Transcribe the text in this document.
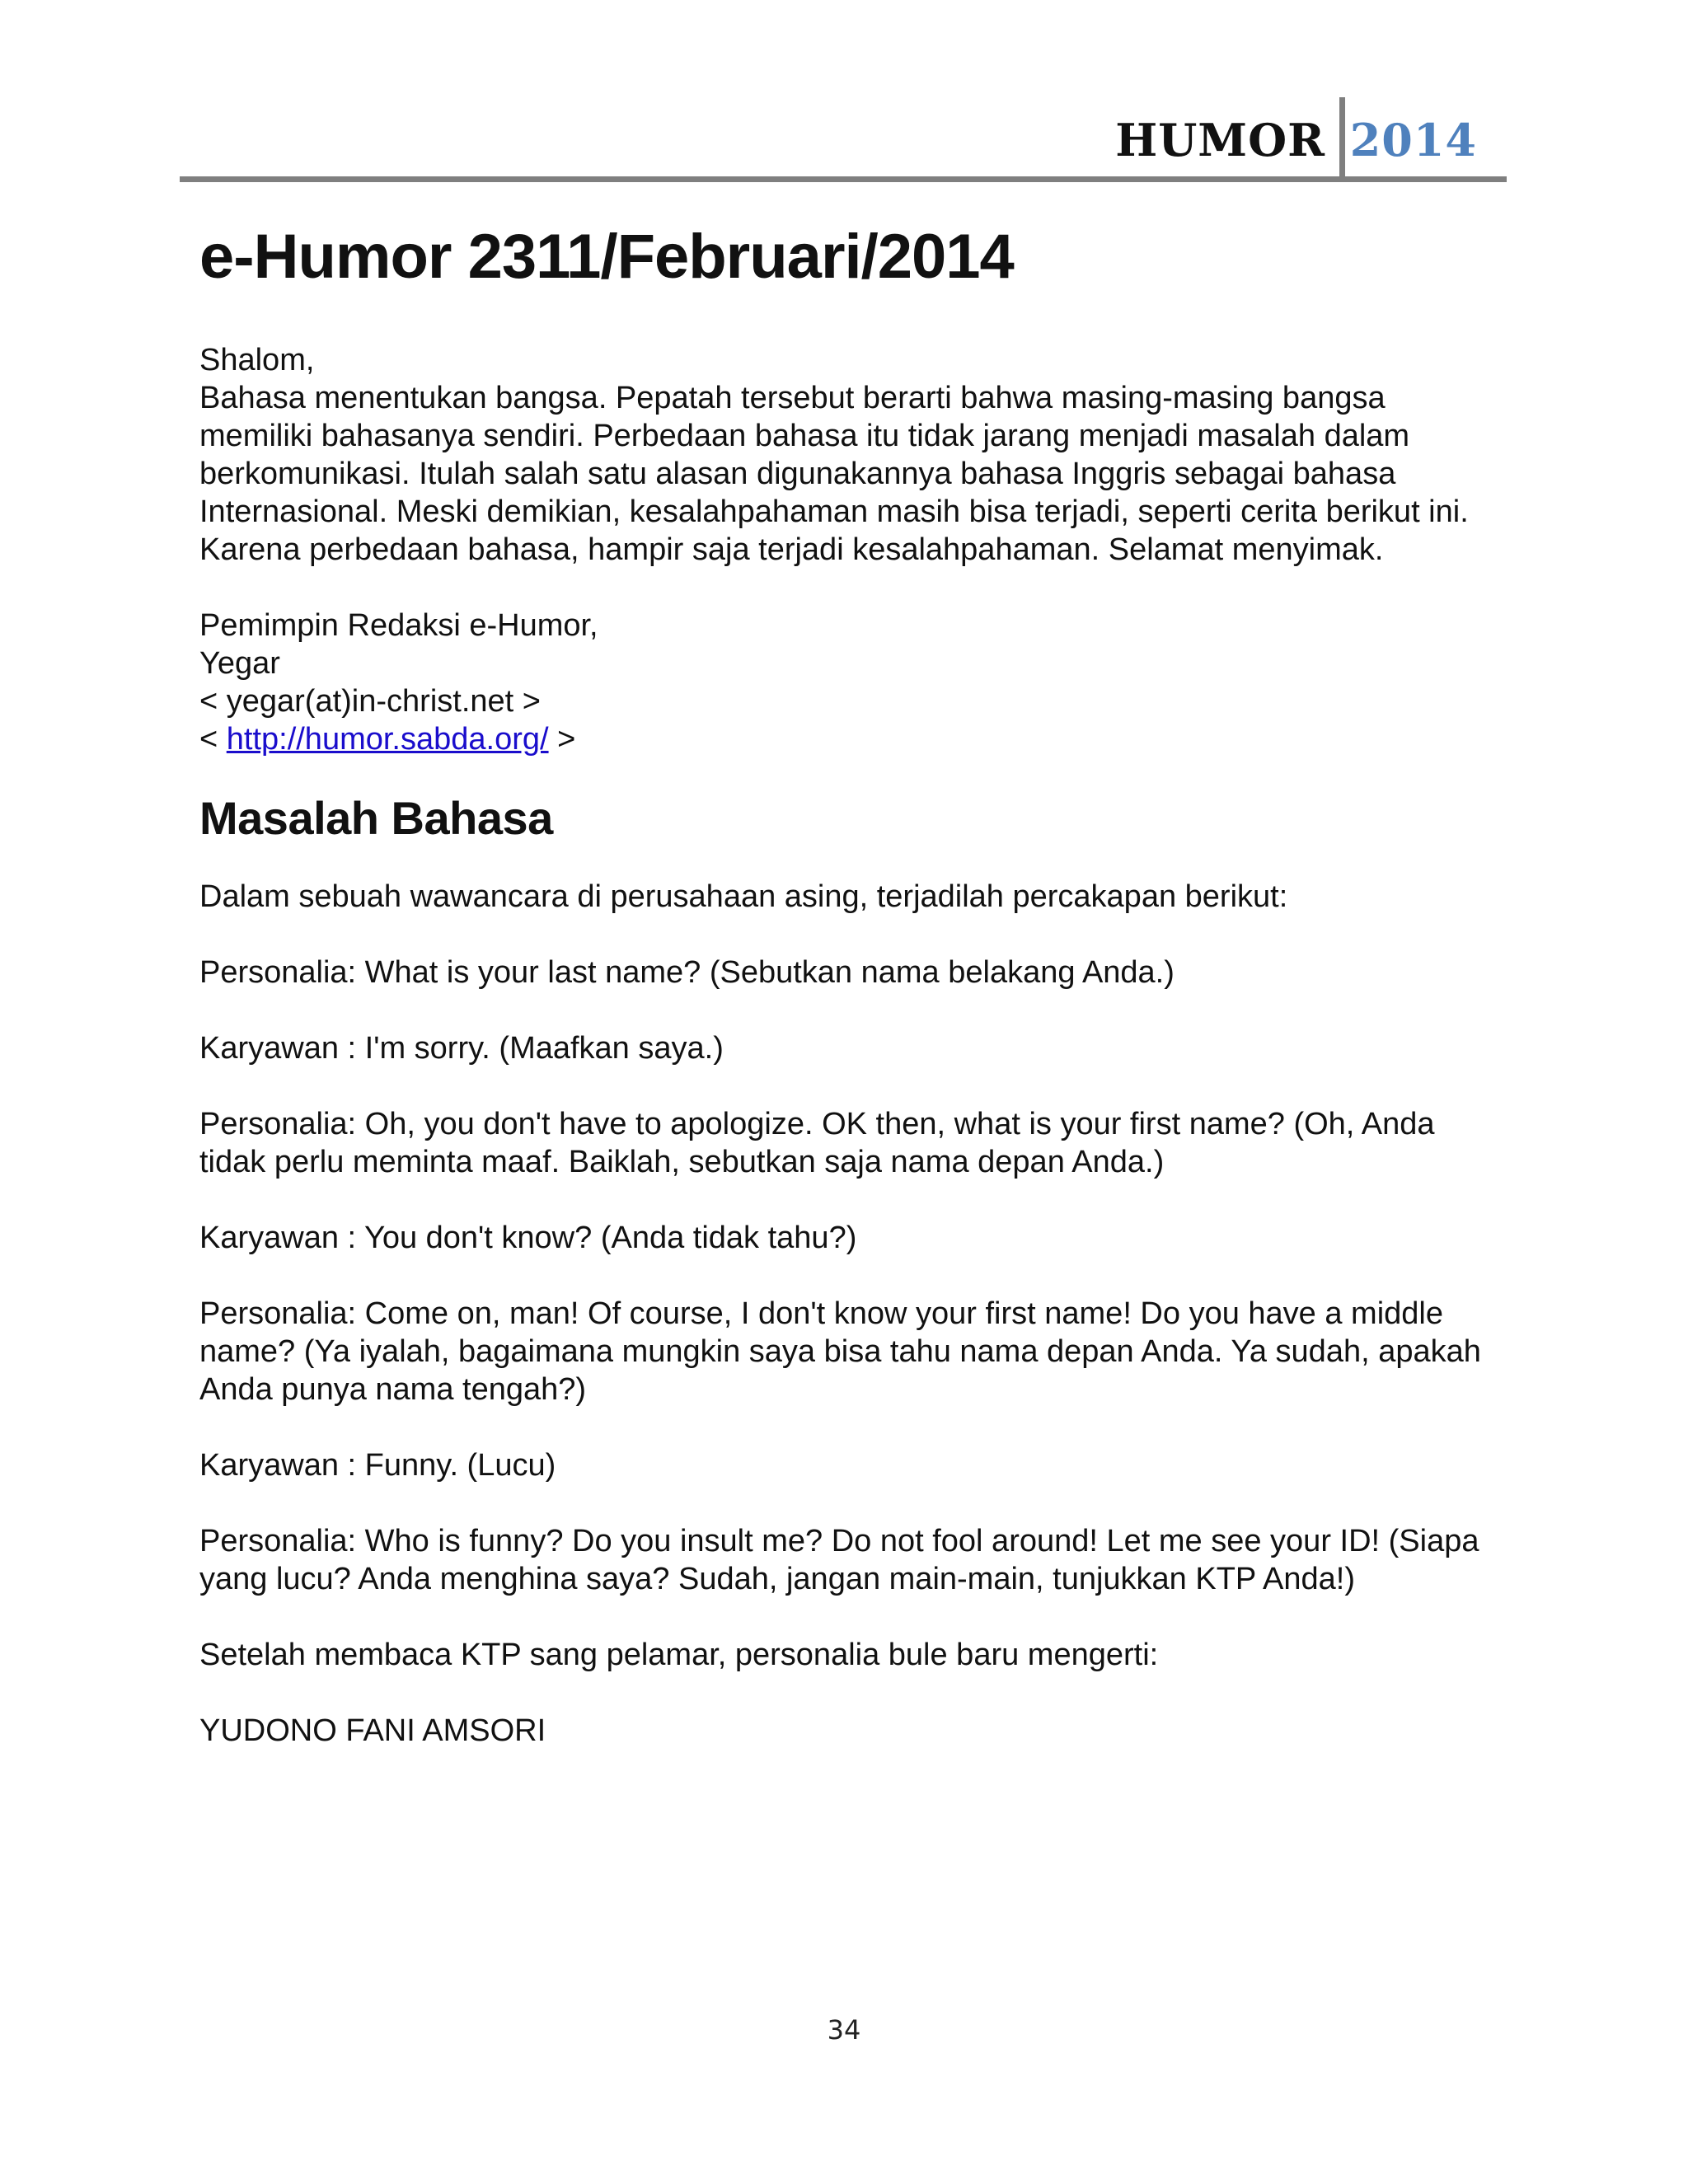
HUMOR 2014
e-Humor 2311/Februari/2014

Shalom,

Bahasa menentukan bangsa. Pepatah tersebut berarti bahwa masing-masing bangsa memiliki bahasanya sendiri. Perbedaan bahasa itu tidak jarang menjadi masalah dalam berkomunikasi. Itulah salah satu alasan digunakannya bahasa Inggris sebagai bahasa Internasional. Meski demikian, kesalahpahaman masih bisa terjadi, seperti cerita berikut ini. Karena perbedaan bahasa, hampir saja terjadi kesalahpahaman. Selamat menyimak.

Pemimpin Redaksi e-Humor,

Yegar

< yegar(at)in-christ.net >

< http://humor.sabda.org/ >

Masalah Bahasa

Dalam sebuah wawancara di perusahaan asing, terjadilah percakapan berikut:

Personalia: What is your last name? (Sebutkan nama belakang Anda.)

Karyawan : I'm sorry. (Maafkan saya.)

Personalia: Oh, you don't have to apologize. OK then, what is your first name? (Oh, Anda tidak perlu meminta maaf. Baiklah, sebutkan saja nama depan Anda.)

Karyawan : You don't know? (Anda tidak tahu?)

Personalia: Come on, man! Of course, I don't know your first name! Do you have a middle name? (Ya iyalah, bagaimana mungkin saya bisa tahu nama depan Anda. Ya sudah, apakah Anda punya nama tengah?)

Karyawan : Funny. (Lucu)

Personalia: Who is funny? Do you insult me? Do not fool around! Let me see your ID! (Siapa yang lucu? Anda menghina saya? Sudah, jangan main-main, tunjukkan KTP Anda!)

Setelah membaca KTP sang pelamar, personalia bule baru mengerti:

YUDONO FANI AMSORI

34
